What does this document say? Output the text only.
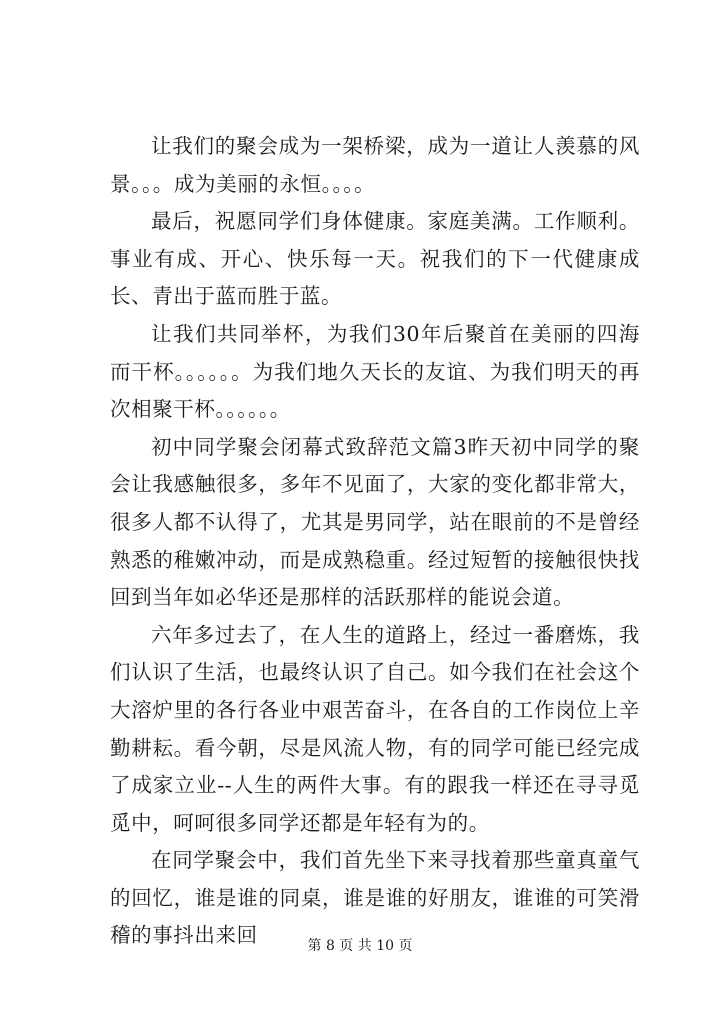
让我们的聚会成为一架桥梁，成为一道让人羡慕的风景。。。成为美丽的永恒。。。。

最后，祝愿同学们身体健康。家庭美满。工作顺利。事业有成、开心、快乐每一天。祝我们的下一代健康成长、青出于蓝而胜于蓝。

让我们共同举杯，为我们30年后聚首在美丽的四海而干杯。。。。。。为我们地久天长的友谊、为我们明天的再次相聚干杯。。。。。。

初中同学聚会闭幕式致辞范文篇3昨天初中同学的聚会让我感触很多，多年不见面了，大家的变化都非常大，很多人都不认得了，尤其是男同学，站在眼前的不是曾经熟悉的稚嫩冲动，而是成熟稳重。经过短暂的接触很快找回到当年如必华还是那样的活跃那样的能说会道。

六年多过去了，在人生的道路上，经过一番磨炼，我们认识了生活，也最终认识了自己。如今我们在社会这个大溶炉里的各行各业中艰苦奋斗，在各自的工作岗位上辛勤耕耘。看今朝，尽是风流人物，有的同学可能已经完成了成家立业--人生的两件大事。有的跟我一样还在寻寻觅觅中，呵呵很多同学还都是年轻有为的。

在同学聚会中，我们首先坐下来寻找着那些童真童气的回忆，谁是谁的同桌，谁是谁的好朋友，谁谁的可笑滑稽的事抖出来回	第 8 页 共 10 页
